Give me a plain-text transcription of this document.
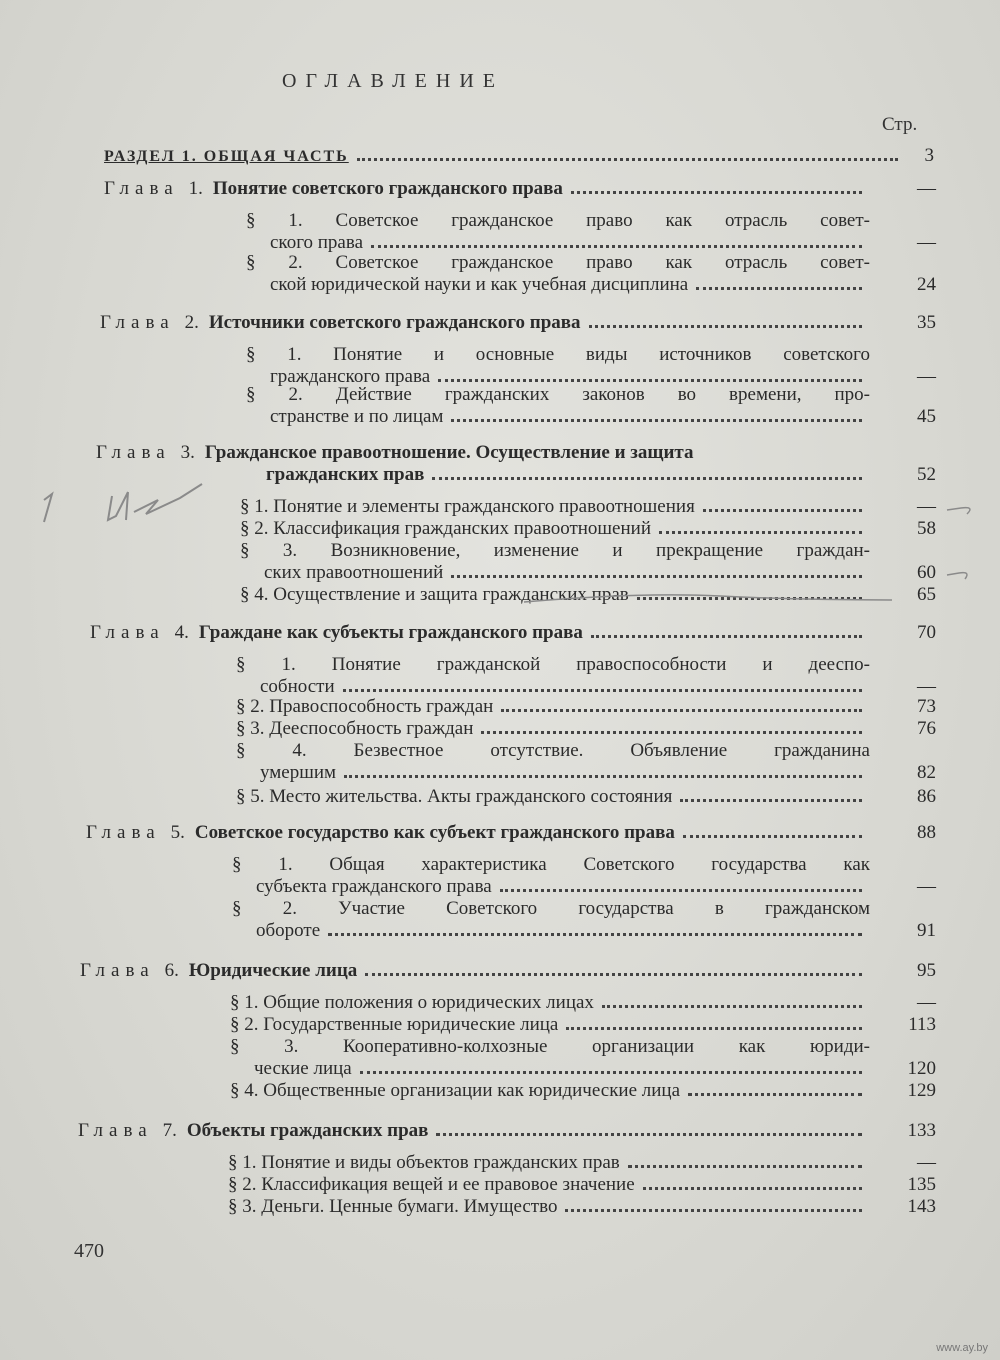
ОГЛАВЛЕНИЕ
Стр.
РАЗДЕЛ 1. ОБЩАЯ ЧАСТЬ	3
Глава 1. Понятие советского гражданского права	—
§ 1. Советское гражданское право как отрасль совет-
ского права	—
§ 2. Советское гражданское право как отрасль совет-
ской юридической науки и как учебная дисциплина	24
Глава 2. Источники советского гражданского права	35
§ 1. Понятие и основные виды источников советского
гражданского права	—
§ 2. Действие гражданских законов во времени, про-
странстве и по лицам	45
Глава 3. Гражданское правоотношение. Осуществление и защита
гражданских прав	52
§ 1. Понятие и элементы гражданского правоотношения	—
§ 2. Классификация гражданских правоотношений	58
§ 3. Возникновение, изменение и прекращение граждан-
ских правоотношений	60
§ 4. Осуществление и защита гражданских прав	65
Глава 4. Граждане как субъекты гражданского права	70
§ 1. Понятие гражданской правоспособности и дееспо-
собности	—
§ 2. Правоспособность граждан	73
§ 3. Дееспособность граждан	76
§ 4. Безвестное отсутствие. Объявление гражданина
умершим	82
§ 5. Место жительства. Акты гражданского состояния	86
Глава 5. Советское государство как субъект гражданского права	88
§ 1. Общая характеристика Советского государства как
субъекта гражданского права	—
§ 2. Участие Советского государства в гражданском
обороте	91
Глава 6. Юридические лица	95
§ 1. Общие положения о юридических лицах	—
§ 2. Государственные юридические лица	113
§ 3. Кооперативно-колхозные организации как юриди-
ческие лица	120
§ 4. Общественные организации как юридические лица	129
Глава 7. Объекты гражданских прав	133
§ 1. Понятие и виды объектов гражданских прав	—
§ 2. Классификация вещей и ее правовое значение	135
§ 3. Деньги. Ценные бумаги. Имущество	143
470
www.ay.by
